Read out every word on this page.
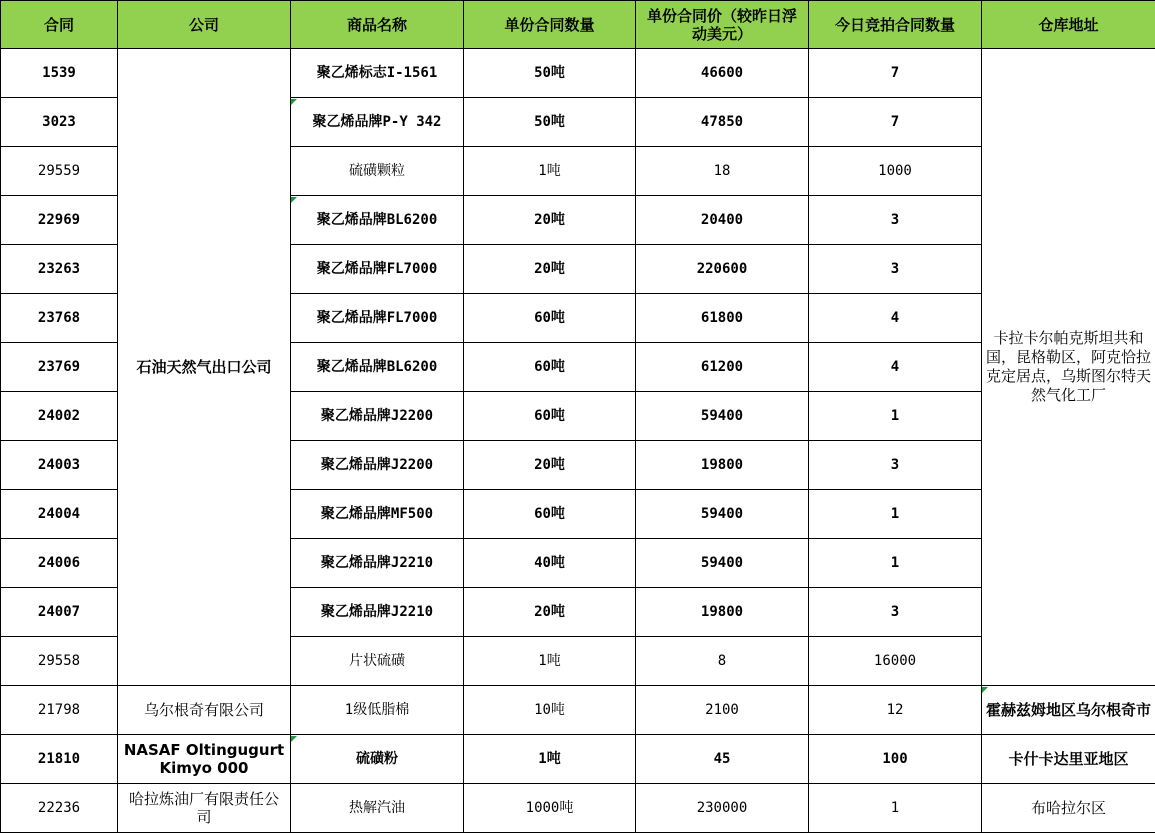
合同	公司	商品名称	单份合同数量	单份合同价（较昨日浮动美元）	今日竞拍合同数量	仓库地址
1539	石油天然气出口公司	聚乙烯标志I-1561	50吨	46600	7	卡拉卡尔帕克斯坦共和国，昆格勒区，阿克恰拉克定居点，乌斯图尔特天然气化工厂
3023		聚乙烯品牌P-Y 342	50吨	47850	7	
29559		硫磺颗粒	1吨	18	1000	
22969		聚乙烯品牌BL6200	20吨	20400	3	
23263		聚乙烯品牌FL7000	20吨	220600	3	
23768		聚乙烯品牌FL7000	60吨	61800	4	
23769		聚乙烯品牌BL6200	60吨	61200	4	
24002		聚乙烯品牌J2200	60吨	59400	1	
24003		聚乙烯品牌J2200	20吨	19800	3	
24004		聚乙烯品牌MF500	60吨	59400	1	
24006		聚乙烯品牌J2210	40吨	59400	1	
24007		聚乙烯品牌J2210	20吨	19800	3	
29558		片状硫磺	1吨	8	16000	
21798	乌尔根奇有限公司	1级低脂棉	10吨	2100	12	霍赫兹姆地区乌尔根奇市
21810	NASAF Oltingugurt Kimyo 000	硫磺粉	1吨	45	100	卡什卡达里亚地区
22236	哈拉炼油厂有限责任公司	热解汽油	1000吨	230000	1	布哈拉尔区
